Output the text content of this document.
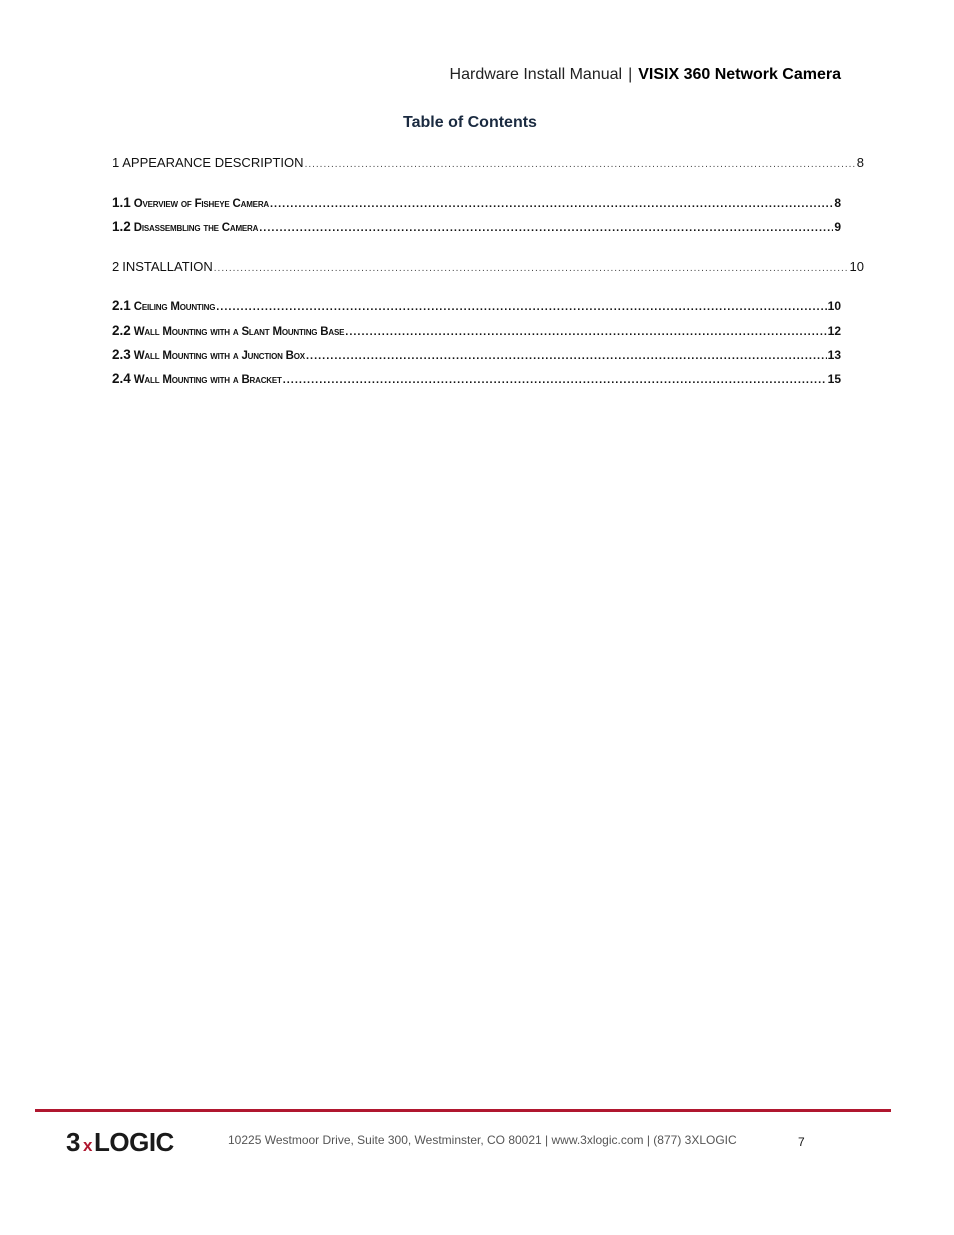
Hardware Install Manual | VISIX 360 Network Camera
Table of Contents
1 APPEARANCE DESCRIPTION .....	8
1.1 Overview of Fisheye Camera .....	8
1.2 Disassembling the Camera .....	9
2 INSTALLATION .....	10
2.1 Ceiling Mounting .....	10
2.2 Wall Mounting with a Slant Mounting Base .....	12
2.3 Wall Mounting with a Junction Box .....	13
2.4 Wall Mounting with a Bracket .....	15
3 x LOGIC	10225 Westmoor Drive, Suite 300, Westminster, CO 80021 | www.3xlogic.com | (877) 3XLOGIC	7
